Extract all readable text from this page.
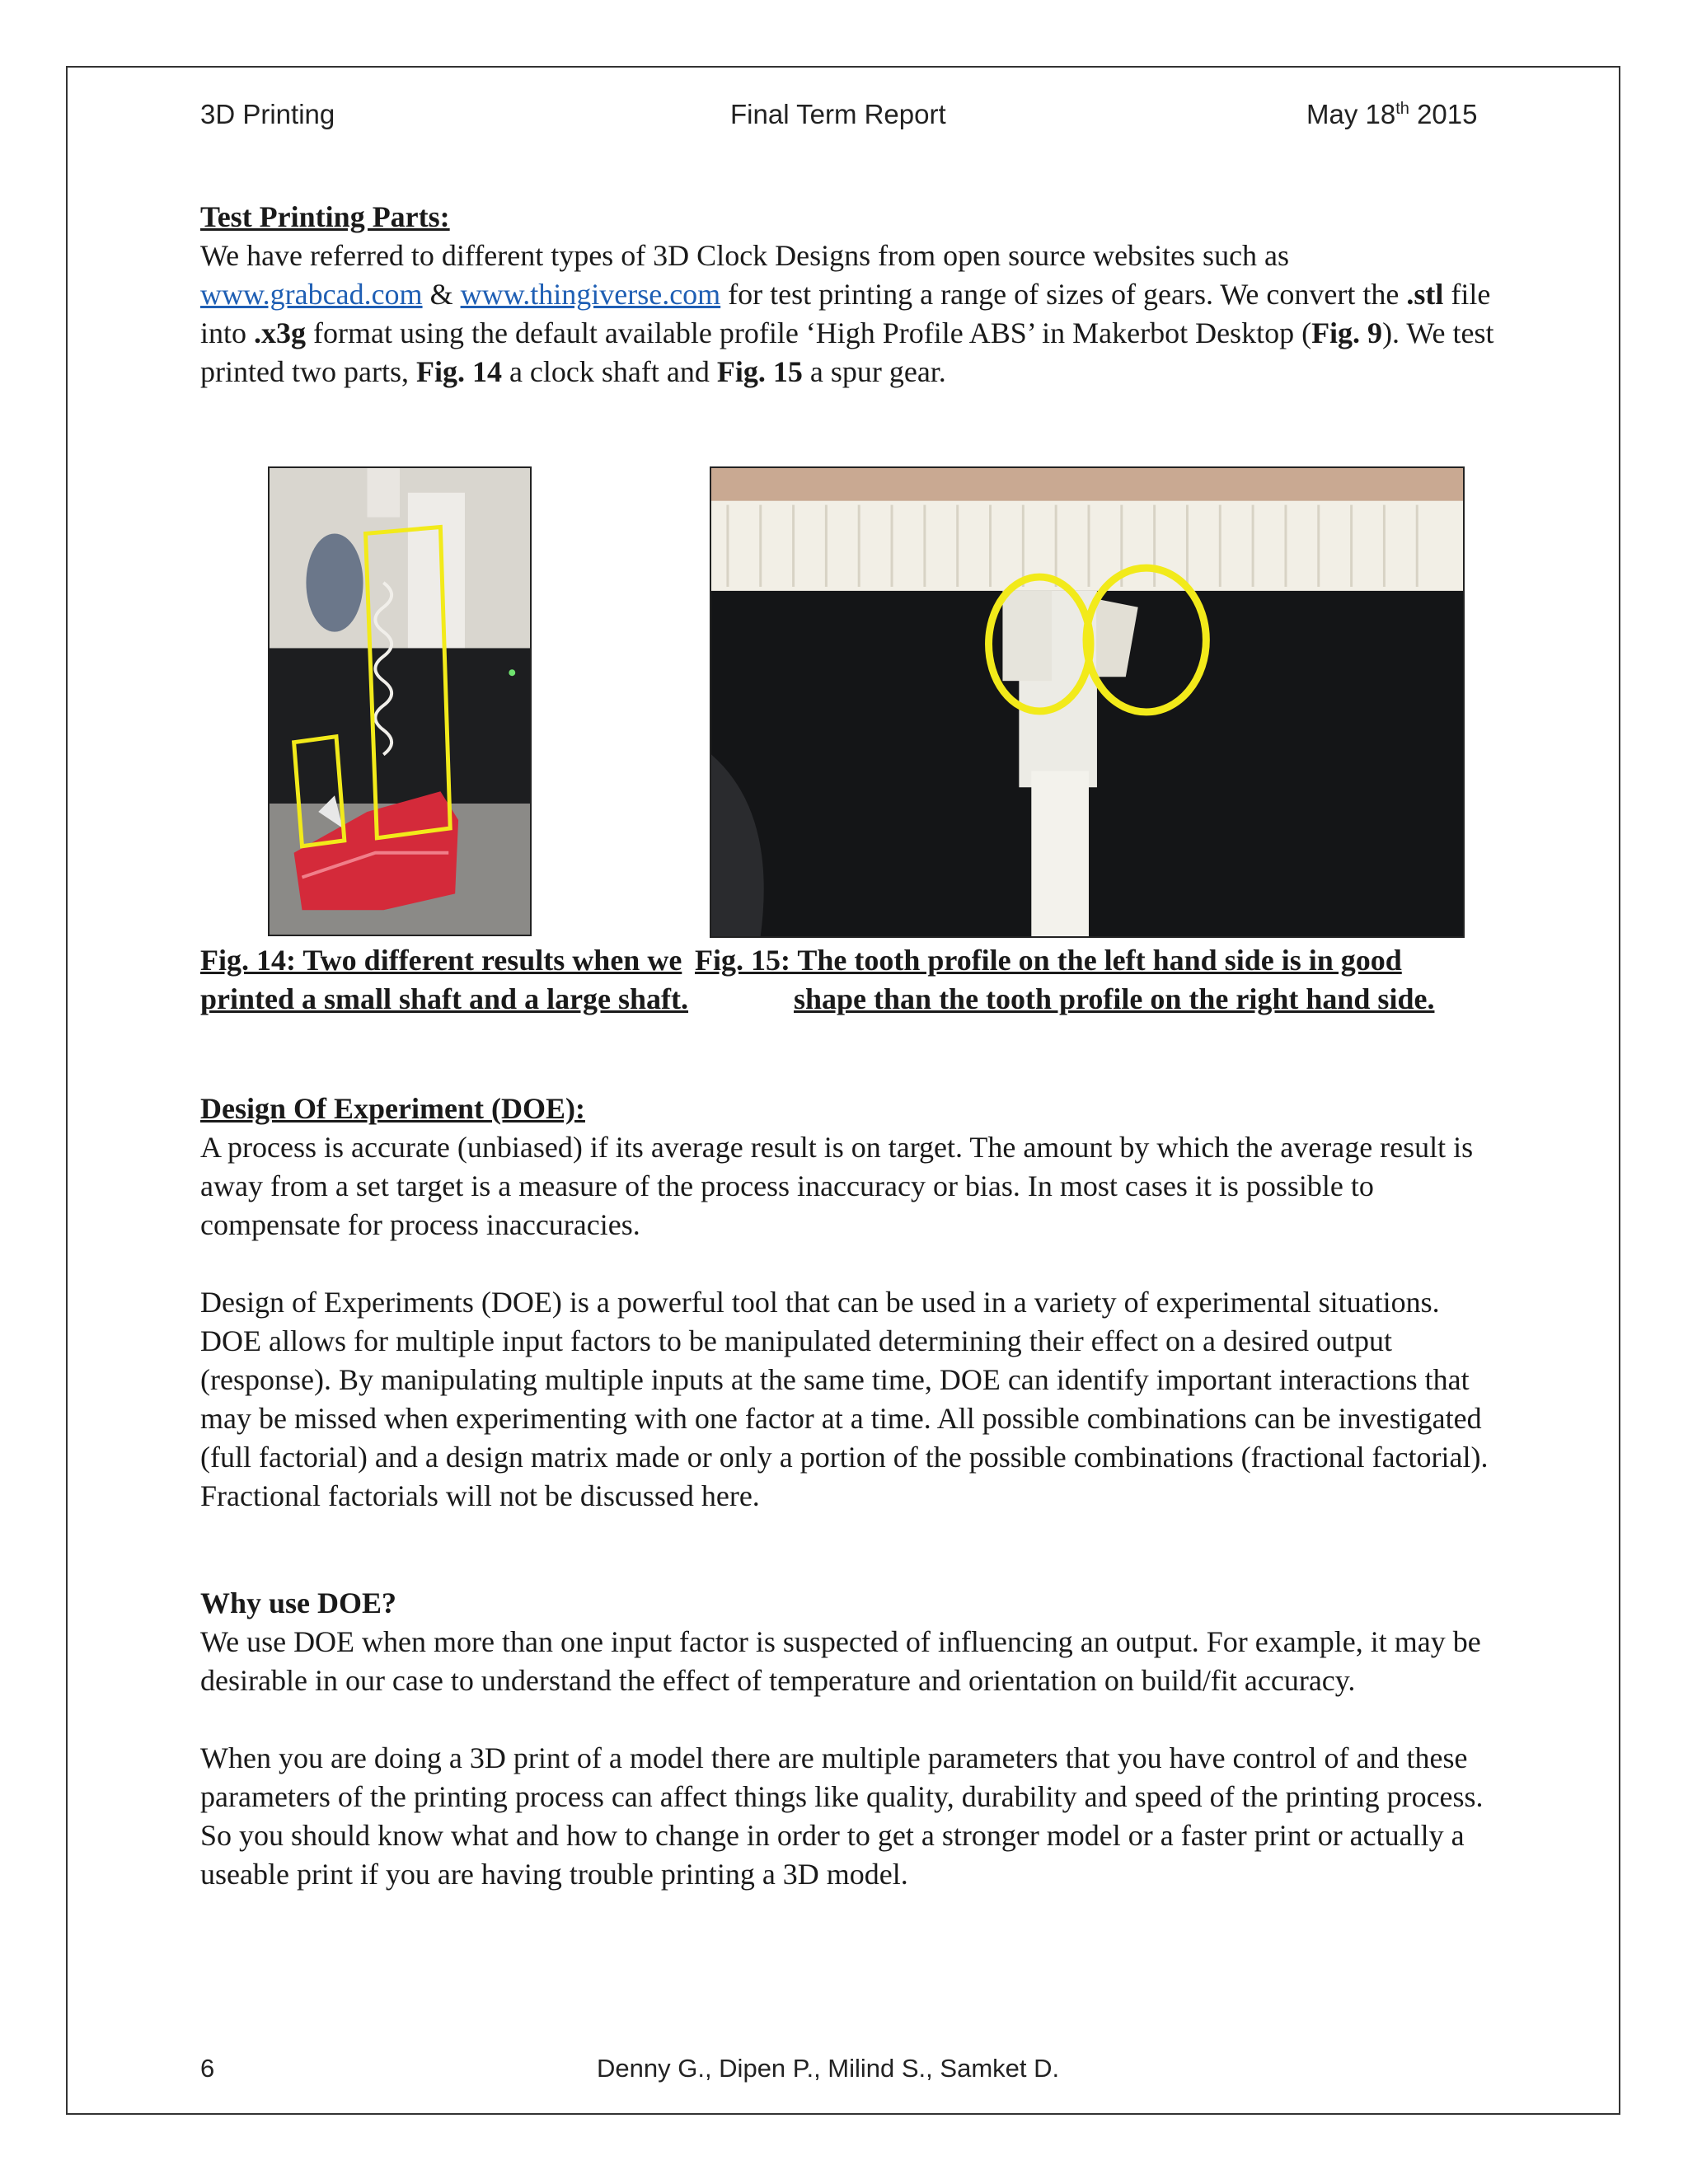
3D Printing	Final Term Report	May 18th 2015

Test Printing Parts:

We have referred to different types of 3D Clock Designs from open source websites such as www.grabcad.com & www.thingiverse.com for test printing a range of sizes of gears. We convert the .stl file into .x3g format using the default available profile ‘High Profile ABS’ in Makerbot Desktop (Fig. 9). We test printed two parts, Fig. 14 a clock shaft and Fig. 15 a spur gear.

Fig. 14: Two different results when we printed a small shaft and a large shaft.
Fig. 15: The tooth profile on the left hand side is in good
shape than the tooth profile on the right hand side.

Design Of Experiment (DOE):

A process is accurate (unbiased) if its average result is on target. The amount by which the average result is away from a set target is a measure of the process inaccuracy or bias. In most cases it is possible to compensate for process inaccuracies.

Design of Experiments (DOE) is a powerful tool that can be used in a variety of experimental situations. DOE allows for multiple input factors to be manipulated determining their effect on a desired output (response). By manipulating multiple inputs at the same time, DOE can identify important interactions that may be missed when experimenting with one factor at a time. All possible combinations can be investigated (full factorial) and a design matrix made or only a portion of the possible combinations (fractional factorial). Fractional factorials will not be discussed here.

Why use DOE?

We use DOE when more than one input factor is suspected of influencing an output. For example, it may be desirable in our case to understand the effect of temperature and orientation on build/fit accuracy.

When you are doing a 3D print of a model there are multiple parameters that you have control of and these parameters of the printing process can affect things like quality, durability and speed of the printing process. So you should know what and how to change in order to get a stronger model or a faster print or actually a useable print if you are having trouble printing a 3D model.

6	Denny G., Dipen P., Milind S., Samket D.
